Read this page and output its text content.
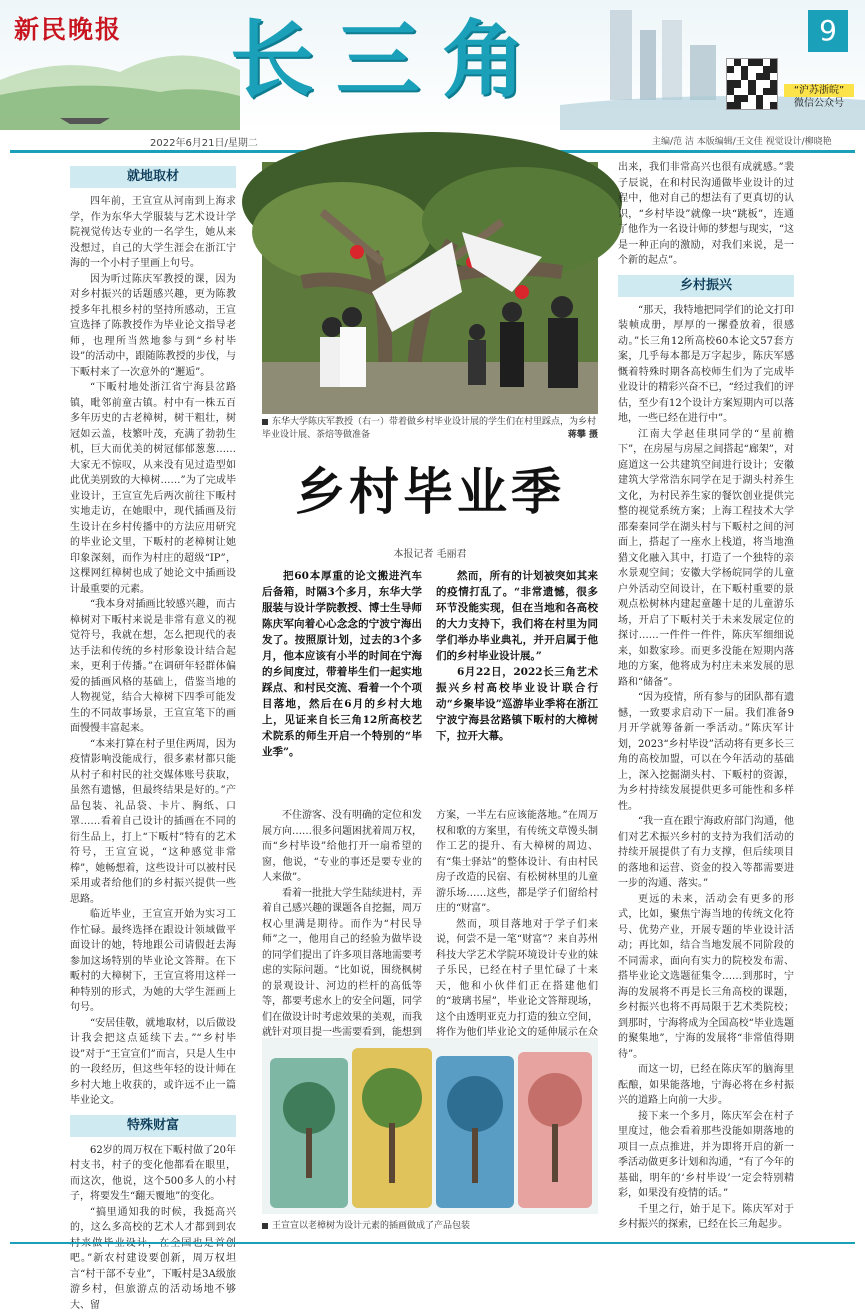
新民晚报 长三角	9
“沪苏浙皖”
微信公众号
2022年6月21日/星期二	主编/范 洁 本版编辑/王文佳 视觉设计/柳晓艳
就地取材

四年前，王宣宣从河南到上海求学，作为东华大学服装与艺术设计学院视觉传达专业的一名学生，她从来没想过，自己的大学生涯会在浙江宁海的一个小村子里画上句号。

因为听过陈庆军教授的课，因为对乡村振兴的话题感兴趣，更为陈教授多年扎根乡村的坚持所感动，王宣宣选择了陈教授作为毕业论文指导老师，也理所当然地参与到“乡村毕设”的活动中，跟随陈教授的步伐，与下畈村来了一次意外的“邂逅”。

“下畈村地处浙江省宁海县岔路镇，毗邻前童古镇。村中有一株五百多年历史的古老樟树，树干粗壮，树冠如云盖，枝繁叶茂，充满了勃勃生机，巨大而优美的树冠郁郁葱葱……大家无不惊叹，从来没有见过造型如此优美别致的大樟树……”为了完成毕业设计，王宣宣先后两次前往下畈村实地走访，在她眼中，现代插画及衍生设计在乡村传播中的方法应用研究的毕业论文里，下畈村的老樟树让她印象深刻，而作为村庄的超级“IP”，这棵网红樟树也成了她论文中插画设计最重要的元素。

“我本身对插画比较感兴趣，而古樟树对下畈村来说是非常有意义的视觉符号，我就在想，怎么把现代的表达手法和传统的乡村形象设计结合起来，更利于传播。”在调研年轻群体偏爱的插画风格的基础上，借鉴当地的人物视觉，结合大樟树下四季可能发生的不同故事场景，王宣宣笔下的画面慢慢丰富起来。

“本来打算在村子里住两周，因为疫情影响没能成行，很多素材都只能从村子和村民的社交媒体账号获取，虽然有遗憾，但最终结果是好的。”产品包装、礼品袋、卡片、胸纸、口罩……看着自己设计的插画在不同的衍生品上，打上“下畈村”特有的艺术符号，王宣宣说，“这种感觉非常棒”，她畅想着，这些设计可以被村民采用或者给他们的乡村振兴提供一些思路。

临近毕业，王宣宣开始为实习工作忙碌。最终选择在跟设计领域做平面设计的她，特地跟公司请假赶去海参加这场特别的毕业论文答辩。在下畈村的大樟树下，王宣宣将用这样一种特别的形式，为她的大学生涯画上句号。

“安居佳敬，就地取材，以后做设计我会把这点延续下去。”“乡村毕设”对于“王宣宣们”而言，只是人生中的一段经历，但这些年轻的设计师在乡村大地上收获的，或许远不止一篇毕业论文。

特殊财富

62岁的周万权在下畈村做了20年村支书，村子的变化他都看在眼里，而这次，他说，这个500多人的小村子，将要发生“翻天覆地”的变化。

“搞里通知我的时候，我挺高兴的，这么多高校的艺术人才都到到农 吧。”新农村建设要创新，周万权坦言“村干部不专业”，下畈村是3A级旅游乡村，但旅游点的活动场地不够大、留

东华大学陈庆军教授（右一）带着做乡村毕业设计展的学生们在村里踩点，为乡村毕业设计展、茶焙等做准备	蒋攀 摄
乡村毕业季
本报记者 毛丽君

把60本厚重的论文搬进汽车后备箱，时隔3个多月，东华大学服装与设计学院教授、博士生导师陈庆军向着心心念念的宁波宁海出发了。按照原计划，过去的3个多月，他本应该有小半的时间在宁海的乡间度过，带着毕生们一起实地踩点、和村民交流、看着一个个项目落地，然后在6月的乡村大地上，见证来自长三角12所高校艺术院系的师生开启一个特别的“毕业季”。

然而，所有的计划被突如其来的疫情打乱了。“非常遗憾，很多环节没能实现，但在当地和各高校的大力支持下，我们将在村里为同学们举办毕业典礼，并开启属于他们的乡村毕业设计展。”

6月22日，2022长三角艺术振兴乡村高校毕业设计联合行动“乡聚毕设”巡游毕业季将在浙江宁波宁海县岔路镇下畈村的大樟树下，拉开大幕。

不住游客、没有明确的定位和发展方向……很多问题困扰着周万权，而“乡村毕设”给他打开一扇希望的窗，他说，“专业的事还是要专业的人来做”。

看着一批批大学生陆续进村，弄着自己感兴趣的课题各自挖掘，周万权心里满是期待。而作为“村民导师”之一，他用自己的经验为做毕设的同学们提出了许多项目落地需要考虑的实际问题。“比如说，围绕枫树的景观设计、河边的栏杆的高低等等，都要考虑水上的安全问题，同学们在做设计时考虑效果的美观，而我就针对项目提一些需要看到，能想到

方案，一半左右应该能落地。”在周万权和歌的方案里，有传统文草馒头制作工艺的提升、有大樟树的周边、有“集士驿站”的整体设计、有由村民房子改造的民宿、有松树林里的儿童游乐场……这些，都是学子们留给村庄的“财富”。

然而，项目落地对于学子们来说，何尝不是一笔“财富”？来自苏州科技大学艺术学院环境设计专业的妹子乐民，已经在村子里忙碌了十来天，他和小伙伴们正在搭建他们的“玻璃书屋”，毕业论文答辩现场，这个由透明亚克力打造的独立空间，将作为他们毕业论文的延伸展示在众

王宣宣以老樟树为设计元素的插画做成了产品包装

出来，我们非常高兴也很有成就感。”裴子辰说，在和村民沟通做毕业设计的过程中，他对自己的想法有了更真切的认识，“乡村毕设”就像一块“跳板”，连通了他作为一名设计师的梦想与现实，“这是一种正向的激励，对我们来说，是一个新的起点”。

乡村振兴

“那天，我特地把同学们的论文打印装帧成册，厚厚的一摞叠放着，很感动。”长三角12所高校60本论文57套方案，几乎每本都是万字起步，陈庆军感慨着特殊时期各高校师生们为了完成毕业设计的精彩兴奋不已，“经过我们的评估，至少有12个设计方案短期内可以落地，一些已经在进行中”。

江南大学赵佳琪同学的“星前檐下”，在房屋与房屋之间搭起“廊架”，对庭道这一公共建筑空间进行设计；安徽建筑大学常浩东同学在足于湖头村养生文化，为村民养生家的餐饮创业提供完整的视觉系统方案；上海工程技术大学邵秦秦同学在湖头村与下畈村之间的河面上，搭起了一座水上栈道，将当地渔猎文化融入其中，打造了一个独特的亲水景观空间；安徽大学杨皖同学的儿童户外活动空间设计，在下畈村重要的景观点松树林内建起童趣十足的儿童游乐场，开启了下畈村关于未来发展定位的探讨……一件件一件件，陈庆军细细说来，如数家珍。而更多没能在短期内落地的方案，他将成为村庄未来发展的思路和“储备”。

“因为疫情，所有参与的团队都有遗憾，一致要求启动下一届。我们准备9月开学就筹备新一季活动。”陈庆军计划，2023“乡村毕设”活动将有更多长三角的高校加盟，可以在今年活动的基础上，深入挖掘湖头村、下畈村的资源，为乡村持续发展提供更多可能性和多样性。

“我一直在跟宁海政府部门沟通，他们对艺术振兴乡村的支持为我们活动的持续开展提供了有力支撑，但后续项目的落地和运营、资金的投入等都需要进一步的沟通、落实。”

更远的未来，活动会有更多的形式，比如，聚焦宁海当地的传统文化符号、优势产业，开展专题的毕业设计活动；再比如，结合当地发展不同阶段的不同需求，面向有实力的院校发布需、搭毕业论文选题征集令……到那时，宁海的发展将不再是长三角高校的课题，乡村振兴也将不再局限于艺术类院校；到那时，宁海将成为全国高校“毕业选题的聚集地”，宁海的发展将“非常值得期待”。

而这一切，已经在陈庆军的脑海里酝酿，如果能落地，宁海必将在乡村振兴的道路上向前一大步。

接下来一个多月，陈庆军会在村子里度过，他会看着那些没能如期落地的项目一点点推进，并为即将开启的新一季活动做更多计划和沟通，“有了今年的基础，明年的‘乡村毕设’一定会特别精彩，如果没有疫情的话。”

千里之行，始于足下。陈庆军对于乡村振兴的探索，已经在长三角起步。
